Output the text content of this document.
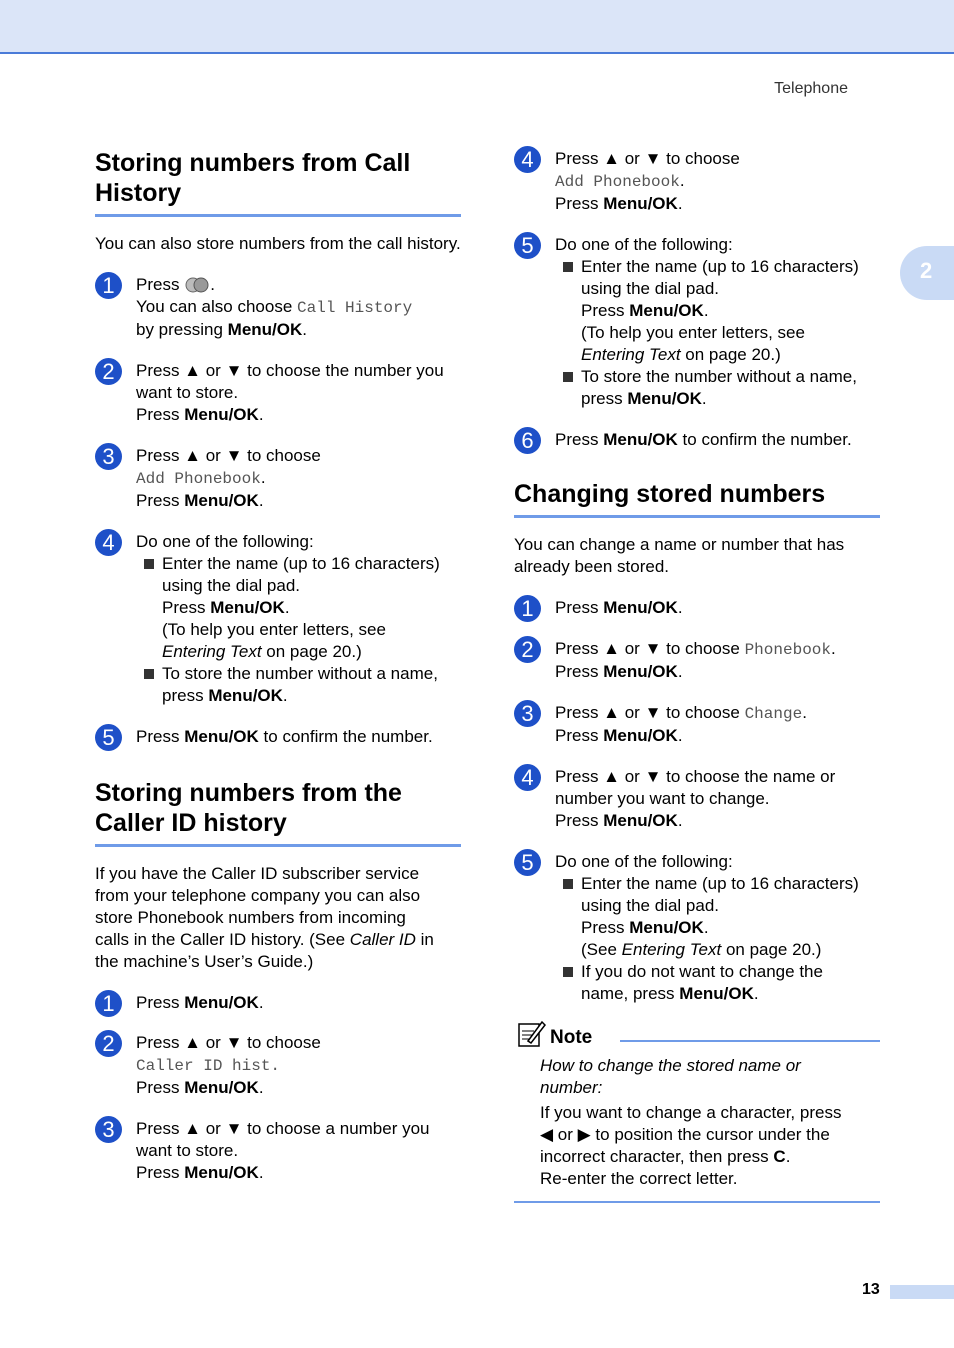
Telephone
2
Storing numbers from Call
History

You can also store numbers from the call history.

1	Press .
You can also choose Call History
by pressing Menu/OK.
2	Press ▲ or ▼ to choose the number you
want to store.
Press Menu/OK.
3	Press ▲ or ▼ to choose
Add Phonebook.
Press Menu/OK.
4	Do one of the following:
Enter the name (up to 16 characters)
using the dial pad.
Press Menu/OK.
(To help you enter letters, see
Entering Text on page 20.)
To store the number without a name,
press Menu/OK.
5	Press Menu/OK to confirm the number.
Storing numbers from the
Caller ID history
If you have the Caller ID subscriber service
from your telephone company you can also
store Phonebook numbers from incoming
calls in the Caller ID history. (See Caller ID in
the machine’s User’s Guide.)
1	Press Menu/OK.
2	Press ▲ or ▼ to choose
Caller ID hist.
Press Menu/OK.
3	Press ▲ or ▼ to choose a number you
want to store.
Press Menu/OK.
4	Press ▲ or ▼ to choose
Add Phonebook.
Press Menu/OK.
5	Do one of the following:
Enter the name (up to 16 characters)
using the dial pad.
Press Menu/OK.
(To help you enter letters, see
Entering Text on page 20.)
To store the number without a name,
press Menu/OK.
6	Press Menu/OK to confirm the number.
Changing stored numbers
You can change a name or number that has
already been stored.
1	Press Menu/OK.
2	Press ▲ or ▼ to choose Phonebook.
Press Menu/OK.
3	Press ▲ or ▼ to choose Change.
Press Menu/OK.
4	Press ▲ or ▼ to choose the name or
number you want to change.
Press Menu/OK.
5	Do one of the following:
Enter the name (up to 16 characters)
using the dial pad.
Press Menu/OK.
(See Entering Text on page 20.)
If you do not want to change the
name, press Menu/OK.
Note
How to change the stored name or
number:
If you want to change a character, press
◀ or ▶ to position the cursor under the
incorrect character, then press C.
Re-enter the correct letter.
13
